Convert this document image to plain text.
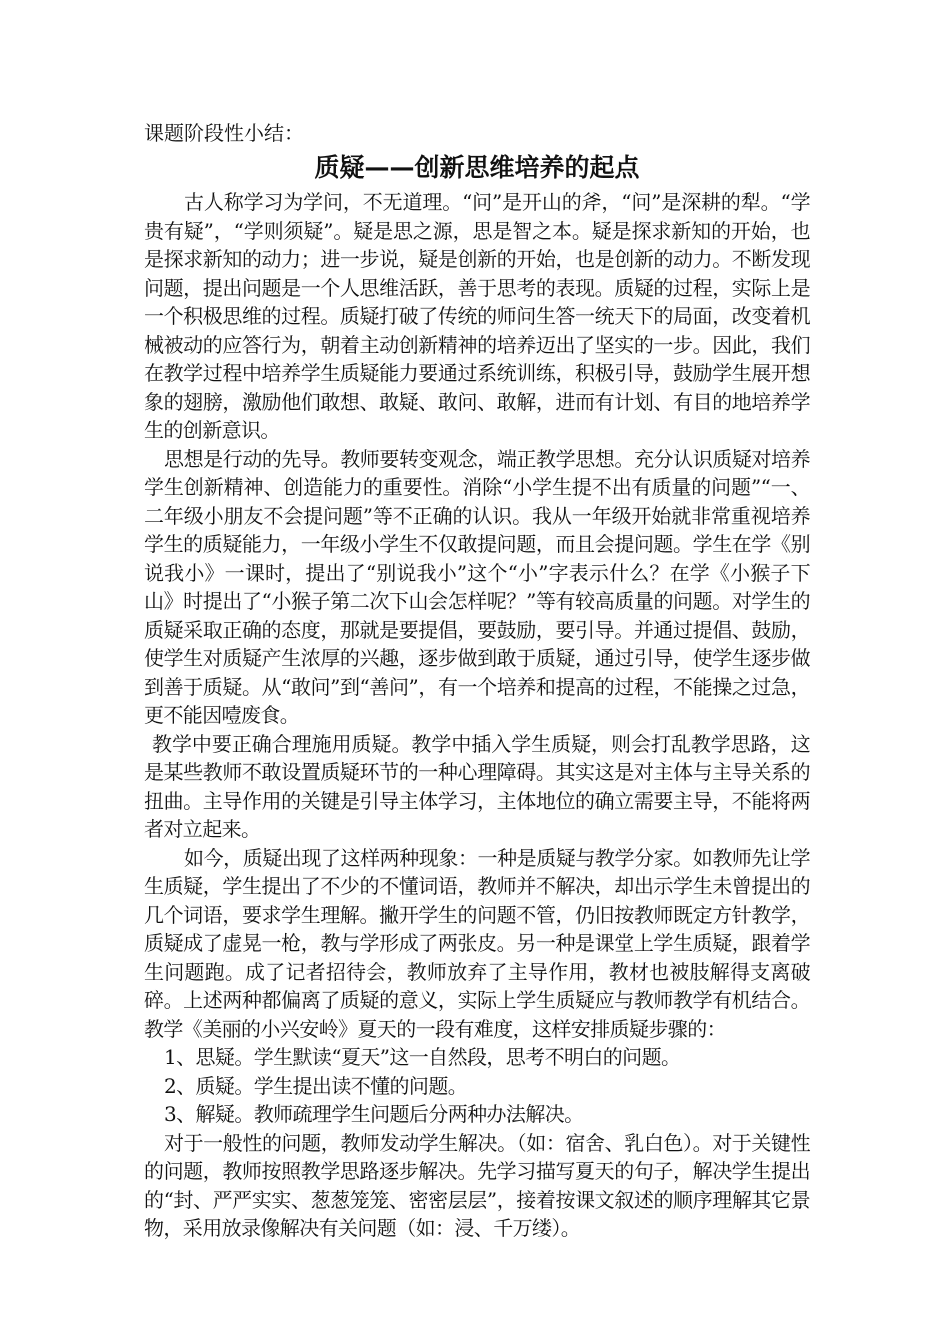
课题阶段性小结：

质疑——创新思维培养的起点

古人称学习为学问，不无道理。“问”是开山的斧，“问”是深耕的犁。“学贵有疑”，“学则须疑”。疑是思之源，思是智之本。疑是探求新知的开始，也是探求新知的动力；进一步说，疑是创新的开始，也是创新的动力。不断发现问题，提出问题是一个人思维活跃，善于思考的表现。质疑的过程，实际上是一个积极思维的过程。质疑打破了传统的师问生答一统天下的局面，改变着机械被动的应答行为，朝着主动创新精神的培养迈出了坚实的一步。因此，我们在教学过程中培养学生质疑能力要通过系统训练，积极引导，鼓励学生展开想象的翅膀，激励他们敢想、敢疑、敢问、敢解，进而有计划、有目的地培养学生的创新意识。

思想是行动的先导。教师要转变观念，端正教学思想。充分认识质疑对培养学生创新精神、创造能力的重要性。消除“小学生提不出有质量的问题”“一、二年级小朋友不会提问题”等不正确的认识。我从一年级开始就非常重视培养学生的质疑能力，一年级小学生不仅敢提问题，而且会提问题。学生在学《别说我小》一课时，提出了“别说我小”这个“小”字表示什么？在学《小猴子下山》时提出了“小猴子第二次下山会怎样呢？”等有较高质量的问题。对学生的质疑采取正确的态度，那就是要提倡，要鼓励，要引导。并通过提倡、鼓励，使学生对质疑产生浓厚的兴趣，逐步做到敢于质疑，通过引导，使学生逐步做到善于质疑。从“敢问”到“善问”，有一个培养和提高的过程，不能操之过急，更不能因噎废食。

教学中要正确合理施用质疑。教学中插入学生质疑，则会打乱教学思路，这是某些教师不敢设置质疑环节的一种心理障碍。其实这是对主体与主导关系的扭曲。主导作用的关键是引导主体学习，主体地位的确立需要主导，不能将两者对立起来。

如今，质疑出现了这样两种现象：一种是质疑与教学分家。如教师先让学生质疑，学生提出了不少的不懂词语，教师并不解决，却出示学生未曾提出的几个词语，要求学生理解。撇开学生的问题不管，仍旧按教师既定方针教学，质疑成了虚晃一枪，教与学形成了两张皮。另一种是课堂上学生质疑，跟着学生问题跑。成了记者招待会，教师放弃了主导作用，教材也被肢解得支离破碎。上述两种都偏离了质疑的意义，实际上学生质疑应与教师教学有机结合。教学《美丽的小兴安岭》夏天的一段有难度，这样安排质疑步骤的：

1、思疑。学生默读“夏天”这一自然段，思考不明白的问题。

2、质疑。学生提出读不懂的问题。

3、解疑。教师疏理学生问题后分两种办法解决。

对于一般性的问题，教师发动学生解决。（如：宿舍、乳白色）。对于关键性的问题，教师按照教学思路逐步解决。先学习描写夏天的句子，解决学生提出的“封、严严实实、葱葱笼笼、密密层层”，接着按课文叙述的顺序理解其它景物，采用放录像解决有关问题（如：浸、千万缕）。
